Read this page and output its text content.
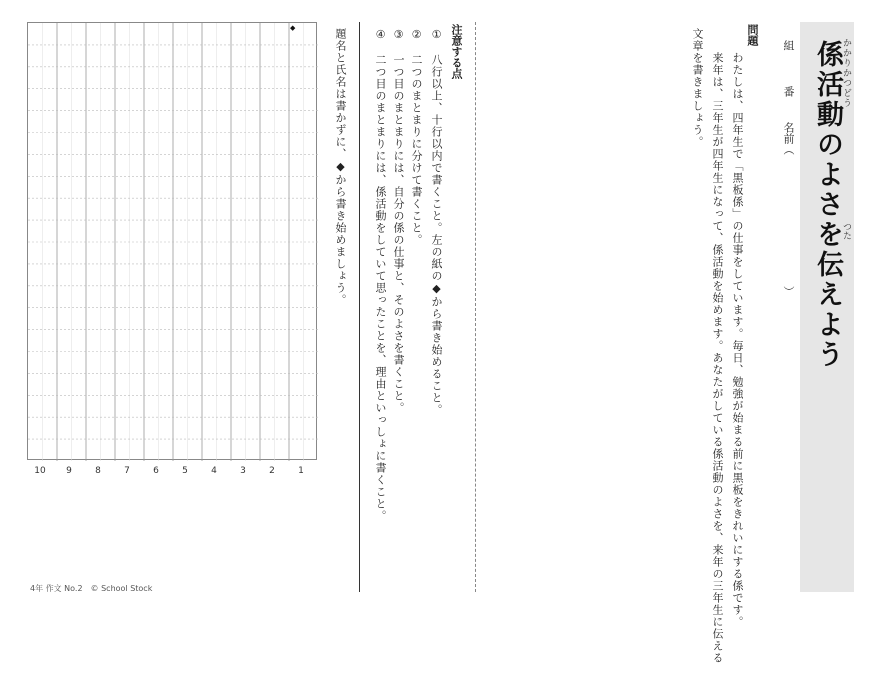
係活動のよさを伝えよう
かかりかつどう
つた
組
番
名前（
）
問題
わたしは、四年生で「黒板係」の仕事をしています。毎日、勉強が始まる前に黒板をきれいにする係です。
来年は、三年生が四年生になって、係活動を始めます。あなたがしている係活動のよさを、来年の三年生に伝える
文章を書きましょう。
注意する点
①　八行以上、十行以内で書くこと。左の紙の◆から書き始めること。
②　二つのまとまりに分けて書くこと。
③　一つ目のまとまりには、自分の係の仕事と、そのよさを書くこと。
④　二つ目のまとまりには、係活動をしていて思ったことを、理由といっしょに書くこと。
題名と氏名は書かずに、
◆から書き始めましょう。
◆
10	9	8	7	6	5	4	3	2	1
4年 作文 No.2　© School Stock
